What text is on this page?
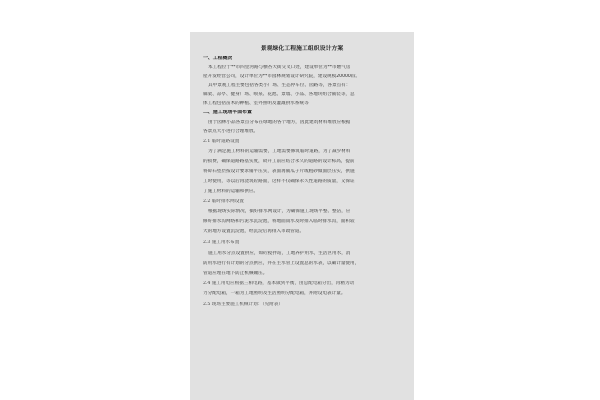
景观绿化工程施工组织设计方案
一、工程概况
本工程位于**市四里河路与横杏大街交叉口处，建设单位为**市燃气房
屋开发经营公司，设计单位为**市园林规划设计研究院，建设规模20000㎡。
其中景观工程主要包括各类小广场、生态停车位、园路等，各景点有：
廊架、凉亭、健身广场、喷泉、花池、景墙、小品、各地块组合铺装等，总
体工程包括苗木的种植、室外照明及灌溉供水系统等
二、施工现场平面布置
由于园林小品各景点分布在绿地的各个地方，因此建筑材料堆放应根据
各景点大小进行合理堆放。
2.1 临时道路设置
为了满足施工材料的运输需要，工地需要修筑临时道路，为了减少材料
的损费，确保道路路基实度，故开工前应结合永久的道路的设计标高，提前
将碎石垫层按设计要求铺平压实，表面再铺瓜子片或粗砂做面层压实，供施
工时使用，等以后再浇筑砼路面，这样不仅确保永久性道路的质量，又保证
了施工材料的运输和供应。
2.2 临时排水网设置
根据现场实际情况，搞好排水网设计，为确保施工现场平整、整洁，应
修好排水沟网络和污泥水沉淀池，将地面雨水及时排入临时排水沟，面积较
大的地方设置沉淀池，经沉淀后再排入市政管道。
2.3 施工用水布置
施工用水分点设置供应，如砼搅拌站，工地养护用水，生活区用水，消
防用水进行有计划的分点供应，并在主水管上设置总的水表，以确计量使用，
管道应埋在地下防止机械碾压。
2.4 施工用电应根据三相电路，基本做到平衡，由总配电箱分出，再精为动
力分配电箱，一箱为工地照明及生活照明分配电箱，并附设电表计量。
2.5 现场主要施工机械计划：（见附表）
